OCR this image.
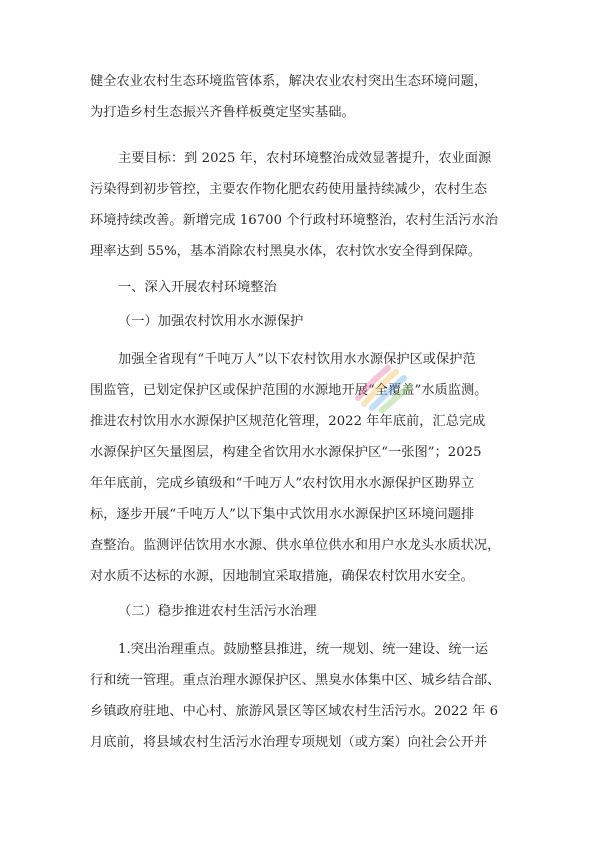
健全农业农村生态环境监管体系，解决农业农村突出生态环境问题，
为打造乡村生态振兴齐鲁样板奠定坚实基础。
主要目标：到 2025 年，农村环境整治成效显著提升，农业面源
污染得到初步管控，主要农作物化肥农药使用量持续减少，农村生态
环境持续改善。新增完成 16700 个行政村环境整治，农村生活污水治
理率达到 55%，基本消除农村黑臭水体，农村饮水安全得到保障。
一、深入开展农村环境整治
（一）加强农村饮用水水源保护
加强全省现有“千吨万人”以下农村饮用水水源保护区或保护范
围监管，已划定保护区或保护范围的水源地开展“全覆盖”水质监测。
推进农村饮用水水源保护区规范化管理，2022 年年底前，汇总完成
水源保护区矢量图层，构建全省饮用水水源保护区“一张图”；2025
年年底前，完成乡镇级和“千吨万人”农村饮用水水源保护区勘界立
标，逐步开展“千吨万人”以下集中式饮用水水源保护区环境问题排
查整治。监测评估饮用水水源、供水单位供水和用户水龙头水质状况，
对水质不达标的水源，因地制宜采取措施，确保农村饮用水安全。
（二）稳步推进农村生活污水治理
1.突出治理重点。鼓励整县推进，统一规划、统一建设、统一运
行和统一管理。重点治理水源保护区、黑臭水体集中区、城乡结合部、
乡镇政府驻地、中心村、旅游风景区等区域农村生活污水。2022 年 6
月底前，将县域农村生活污水治理专项规划（或方案）向社会公开并
